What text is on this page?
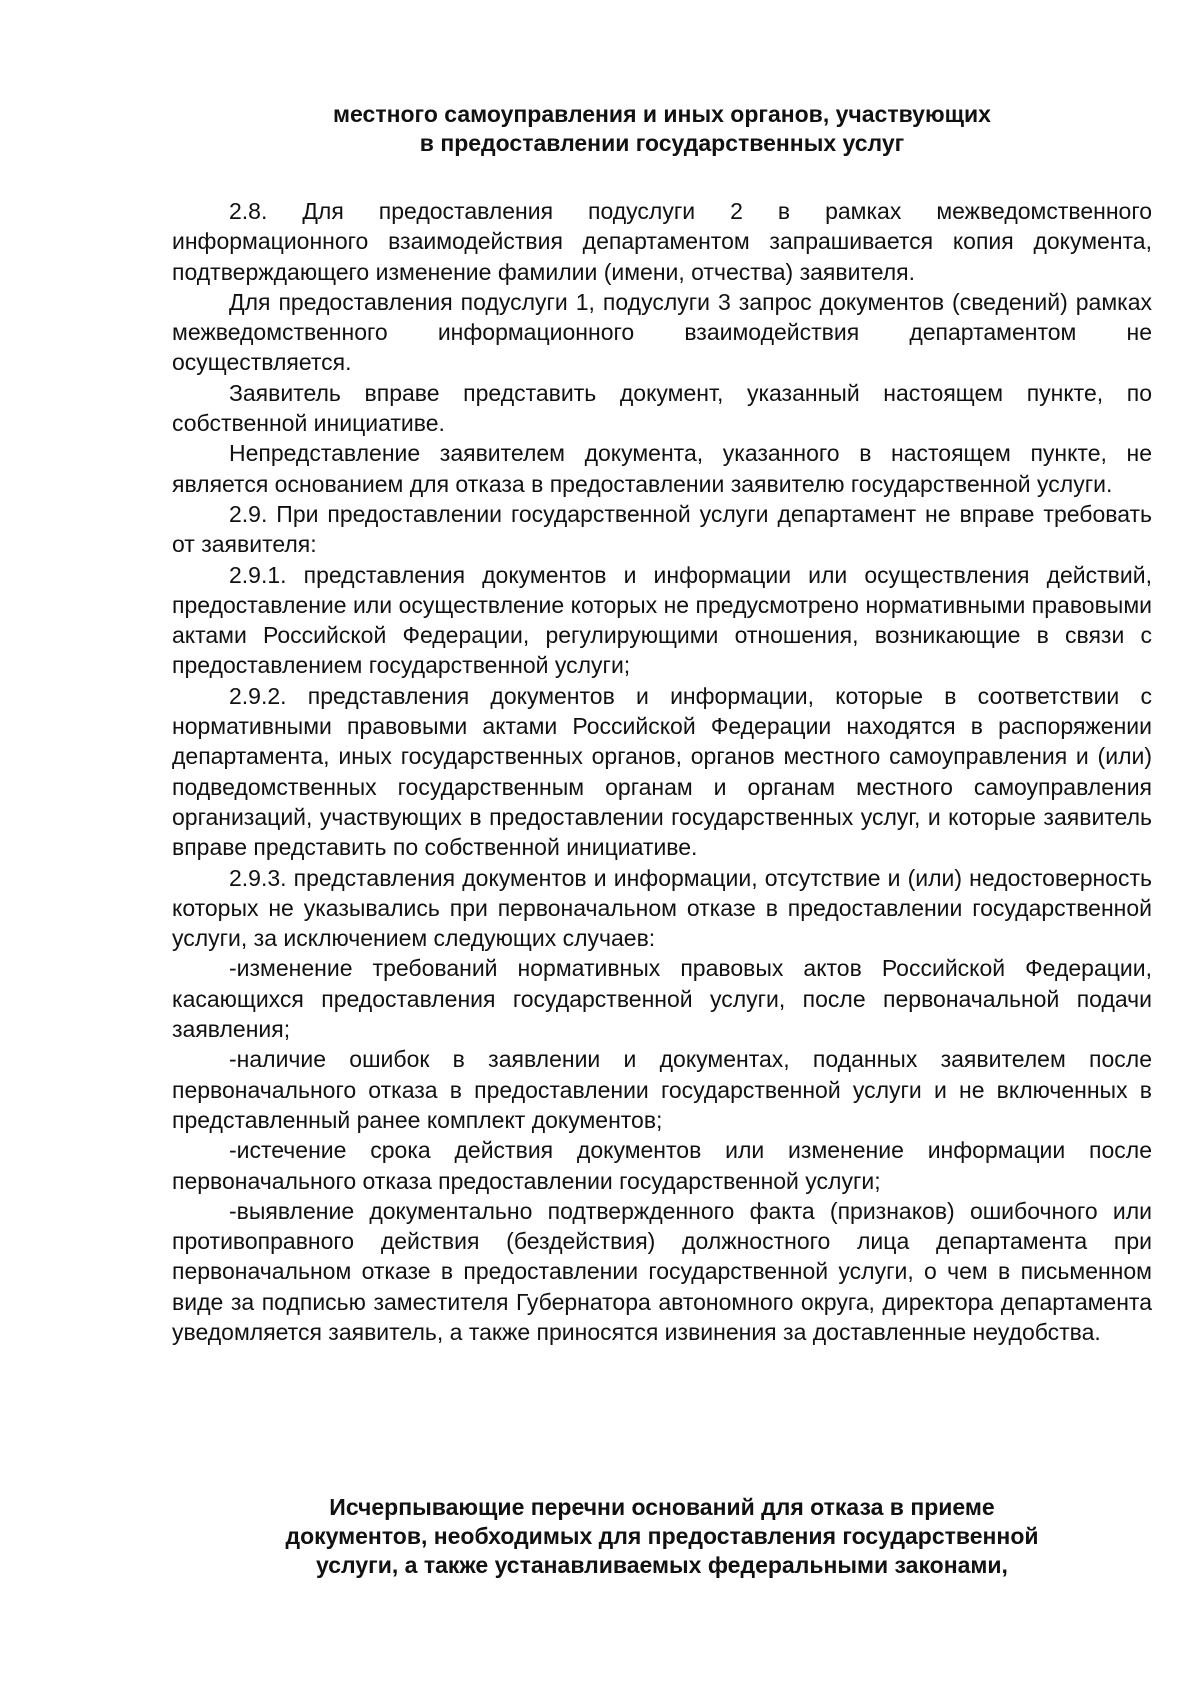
местного самоуправления и иных органов, участвующих
в предоставлении государственных услуг

2.8. Для предоставления подуслуги 2 в рамках межведомственного информационного взаимодействия департаментом запрашивается копия документа, подтверждающего изменение фамилии (имени, отчества) заявителя.

Для предоставления подуслуги 1, подуслуги 3 запрос документов (сведений) рамках межведомственного информационного взаимодействия департаментом не осуществляется.

Заявитель вправе представить документ, указанный настоящем пункте, по собственной инициативе.

Непредставление заявителем документа, указанного в настоящем пункте, не является основанием для отказа в предоставлении заявителю государственной услуги.

2.9. При предоставлении государственной услуги департамент не вправе требовать от заявителя:

2.9.1. представления документов и информации или осуществления действий, предоставление или осуществление которых не предусмотрено нормативными правовыми актами Российской Федерации, регулирующими отношения, возникающие в связи с предоставлением государственной услуги;

2.9.2. представления документов и информации, которые в соответствии с нормативными правовыми актами Российской Федерации находятся в распоряжении департамента, иных государственных органов, органов местного самоуправления и (или) подведомственных государственным органам и органам местного самоуправления организаций, участвующих в предоставлении государственных услуг, и которые заявитель вправе представить по собственной инициативе.

2.9.3. представления документов и информации, отсутствие и (или) недостоверность которых не указывались при первоначальном отказе в предоставлении государственной услуги, за исключением следующих случаев:

-изменение требований нормативных правовых актов Российской Федерации, касающихся предоставления государственной услуги, после первоначальной подачи заявления;

-наличие ошибок в заявлении и документах, поданных заявителем после первоначального отказа в предоставлении государственной услуги и не включенных в представленный ранее комплект документов;

-истечение срока действия документов или изменение информации после первоначального отказа предоставлении государственной услуги;

-выявление документально подтвержденного факта (признаков) ошибочного или противоправного действия (бездействия) должностного лица департамента при первоначальном отказе в предоставлении государственной услуги, о чем в письменном виде за подписью заместителя Губернатора автономного округа, директора департамента уведомляется заявитель, а также приносятся извинения за доставленные неудобства.

Исчерпывающие перечни оснований для отказа в приеме
документов, необходимых для предоставления государственной
услуги, а также устанавливаемых федеральными законами,
